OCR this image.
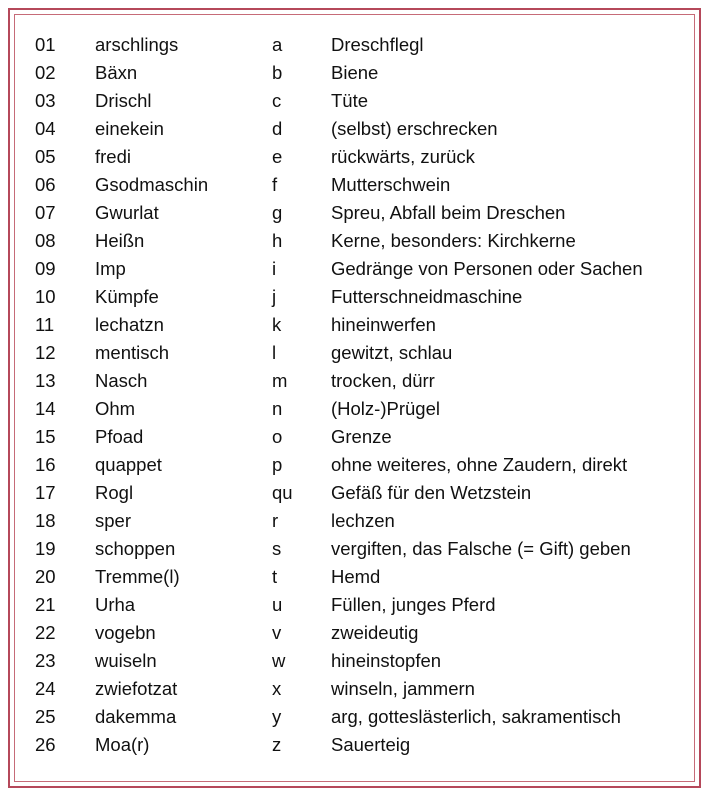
01 arschlings	a	Dreschflegl
02 Bäxn	b	Biene
03 Drischl	c	Tüte
04 einekein	d	(selbst) erschrecken
05 fredi	e	rückwärts, zurück
06 Gsodmaschin	f	Mutterschwein
07 Gwurlat	g	Spreu, Abfall beim Dreschen
08 Heißn	h	Kerne, besonders: Kirchkerne
09 Imp	i	Gedränge von Personen oder Sachen
10 Kümpfe	j	Futterschneidmaschine
11 lechatzn	k	hineinwerfen
12 mentisch	l	gewitzt, schlau
13 Nasch	m trocken, dürr
14 Ohm	n	(Holz-)Prügel
15 Pfoad	o	Grenze
16 quappet	p	ohne weiteres, ohne Zaudern, direkt
17 Rogl	qu Gefäß für den Wetzstein
18 sper	r	lechzen
19 schoppen	s	vergiften, das Falsche (= Gift) geben
20 Tremme(l)	t	Hemd
21 Urha	u	Füllen, junges Pferd
22 vogebn	v	zweideutig
23 wuiseln	w hineinstopfen
24 zwiefotzat	x	winseln, jammern
25 dakemma	y	arg, gotteslästerlich, sakramentisch
26 Moa(r)	z	Sauerteig
